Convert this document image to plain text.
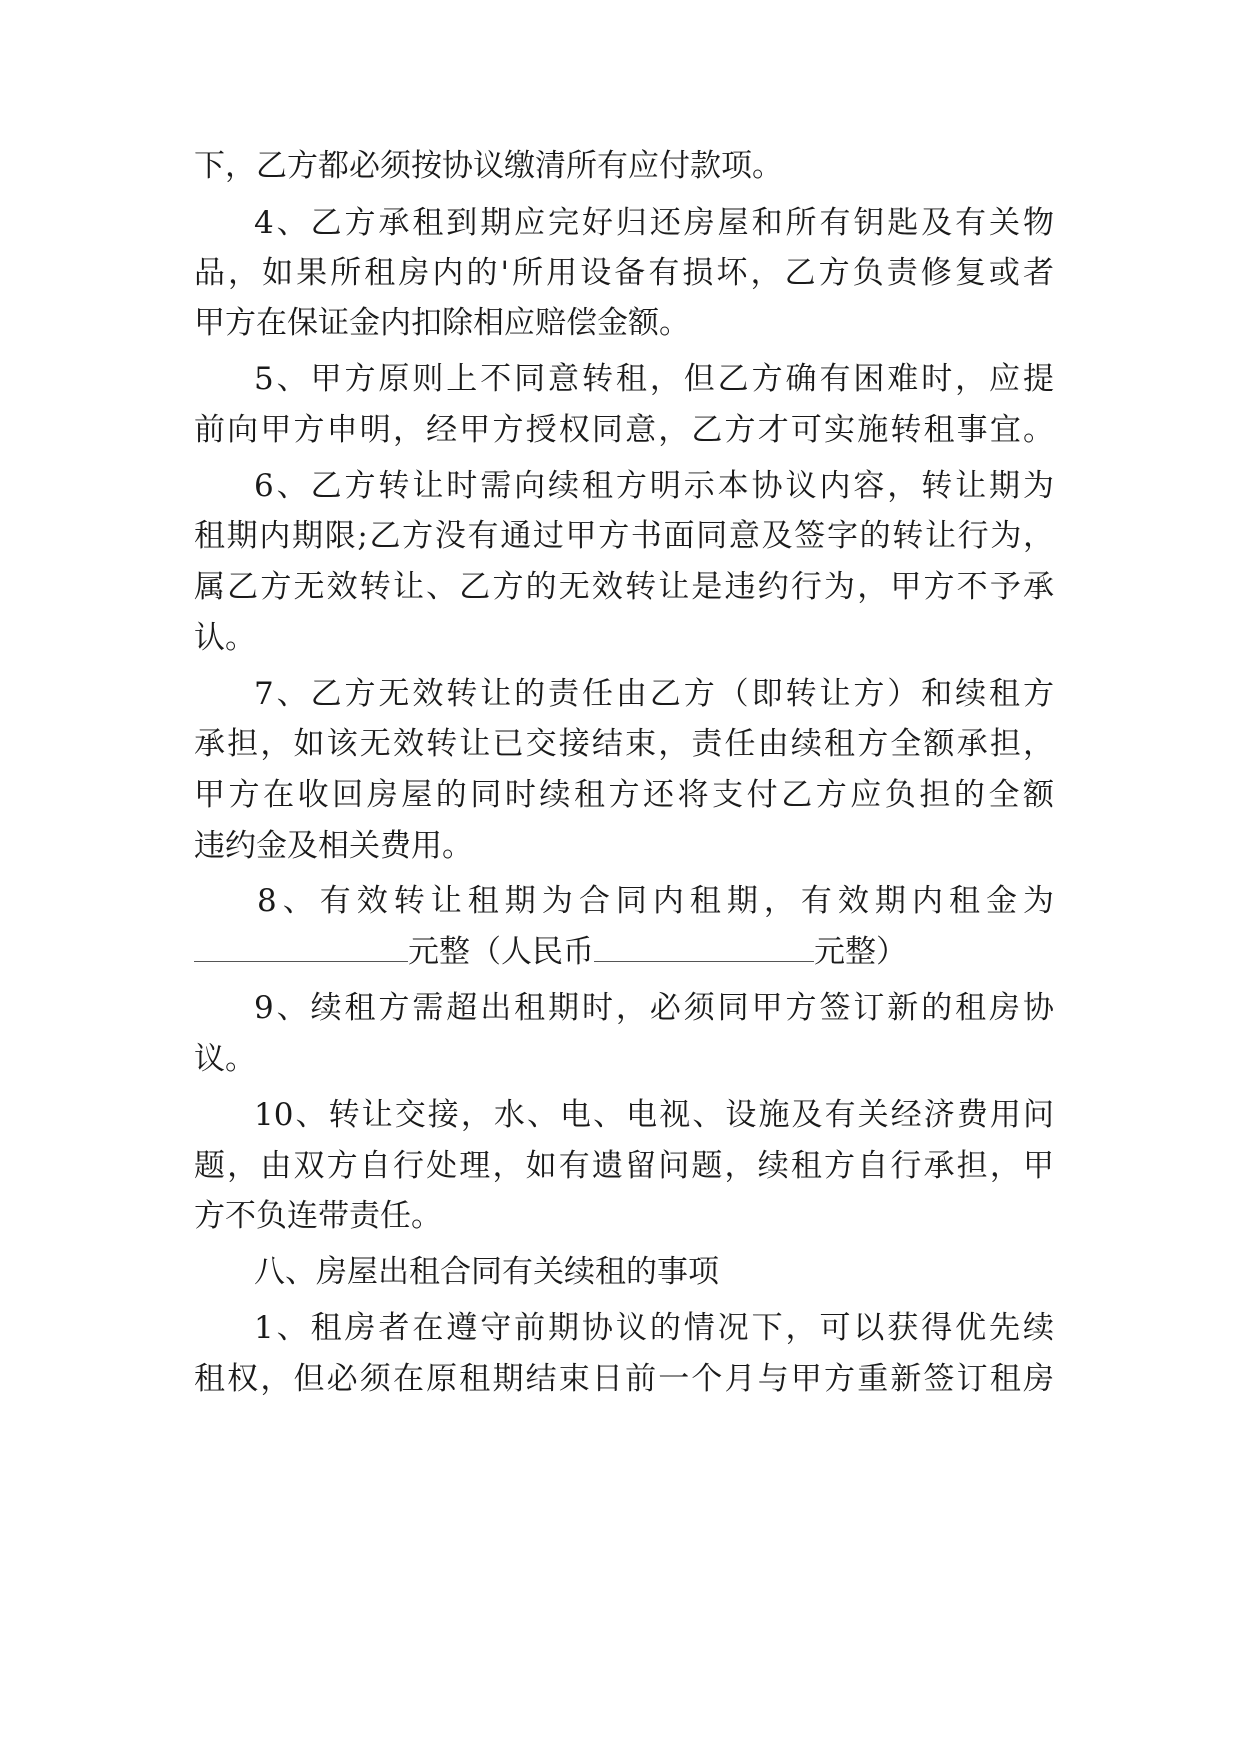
下，乙方都必须按协议缴清所有应付款项。
4、乙方承租到期应完好归还房屋和所有钥匙及有关物
品，如果所租房内的'所用设备有损坏，乙方负责修复或者
甲方在保证金内扣除相应赔偿金额。
5、甲方原则上不同意转租，但乙方确有困难时，应提
前向甲方申明，经甲方授权同意，乙方才可实施转租事宜。
6、乙方转让时需向续租方明示本协议内容，转让期为
租期内期限;乙方没有通过甲方书面同意及签字的转让行为，
属乙方无效转让、乙方的无效转让是违约行为，甲方不予承
认。
7、乙方无效转让的责任由乙方（即转让方）和续租方
承担，如该无效转让已交接结束，责任由续租方全额承担，
甲方在收回房屋的同时续租方还将支付乙方应负担的全额
违约金及相关费用。
8、有效转让租期为合同内租期，有效期内租金为
元整（人民币	元整）
9、续租方需超出租期时，必须同甲方签订新的租房协
议。
10、转让交接，水、电、电视、设施及有关经济费用问
题，由双方自行处理，如有遗留问题，续租方自行承担，甲
方不负连带责任。
八、房屋出租合同有关续租的事项
1、租房者在遵守前期协议的情况下，可以获得优先续
租权，但必须在原租期结束日前一个月与甲方重新签订租房
